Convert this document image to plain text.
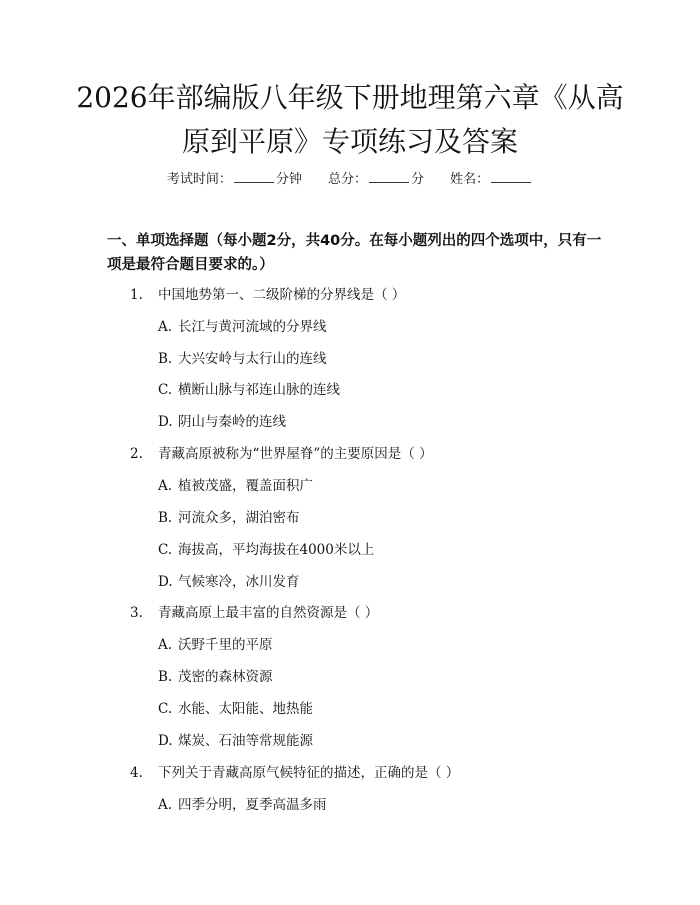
2026年部编版八年级下册地理第六章《从高
原到平原》专项练习及答案
考试时间：	分钟 总分：	分 姓名：
一、单项选择题（每小题2分，共40分。在每小题列出的四个选项中，只有一项是最符合题目要求的。）
1. 中国地势第一、二级阶梯的分界线是（ ）
A. 长江与黄河流域的分界线
B. 大兴安岭与太行山的连线
C. 横断山脉与祁连山脉的连线
D. 阴山与秦岭的连线
2. 青藏高原被称为“世界屋脊”的主要原因是（ ）
A. 植被茂盛，覆盖面积广
B. 河流众多，湖泊密布
C. 海拔高，平均海拔在4000米以上
D. 气候寒冷，冰川发育
3. 青藏高原上最丰富的自然资源是（ ）
A. 沃野千里的平原
B. 茂密的森林资源
C. 水能、太阳能、地热能
D. 煤炭、石油等常规能源
4. 下列关于青藏高原气候特征的描述，正确的是（ ）
A. 四季分明，夏季高温多雨
